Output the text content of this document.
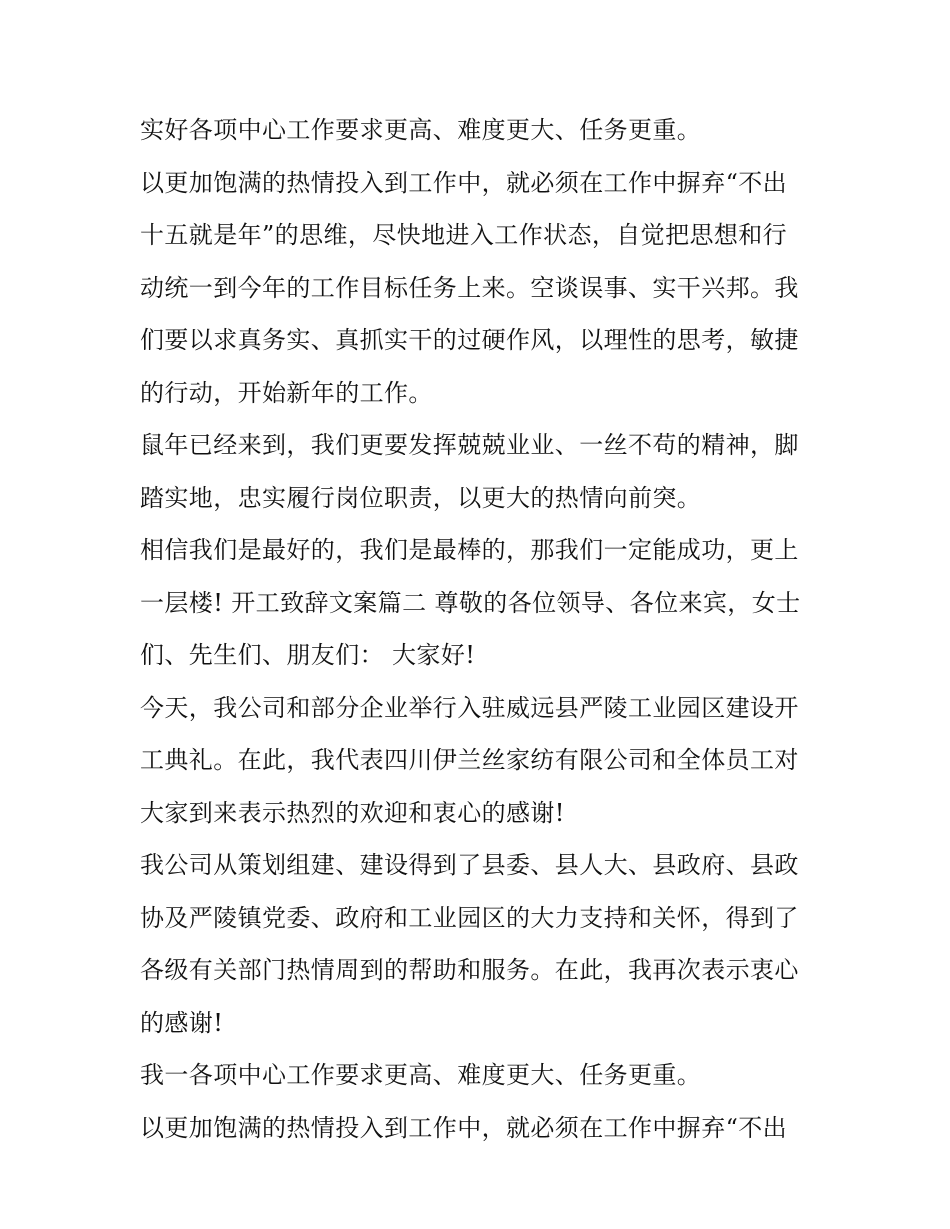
实好各项中心工作要求更高、难度更大、任务更重。
以更加饱满的热情投入到工作中，就必须在工作中摒弃“不出
十五就是年”的思维，尽快地进入工作状态，自觉把思想和行
动统一到今年的工作目标任务上来。空谈误事、实干兴邦。我
们要以求真务实、真抓实干的过硬作风，以理性的思考，敏捷
的行动，开始新年的工作。
鼠年已经来到，我们更要发挥兢兢业业、一丝不苟的精神，脚
踏实地，忠实履行岗位职责，以更大的热情向前突。
相信我们是最好的，我们是最棒的，那我们一定能成功，更上
一层楼! 开工致辞文案篇二 尊敬的各位领导、各位来宾，女士
们、先生们、朋友们： 大家好!
今天，我公司和部分企业举行入驻威远县严陵工业园区建设开
工典礼。在此，我代表四川伊兰丝家纺有限公司和全体员工对
大家到来表示热烈的欢迎和衷心的感谢!
我公司从策划组建、建设得到了县委、县人大、县政府、县政
协及严陵镇党委、政府和工业园区的大力支持和关怀，得到了
各级有关部门热情周到的帮助和服务。在此，我再次表示衷心
的感谢!
我一各项中心工作要求更高、难度更大、任务更重。
以更加饱满的热情投入到工作中，就必须在工作中摒弃“不出
